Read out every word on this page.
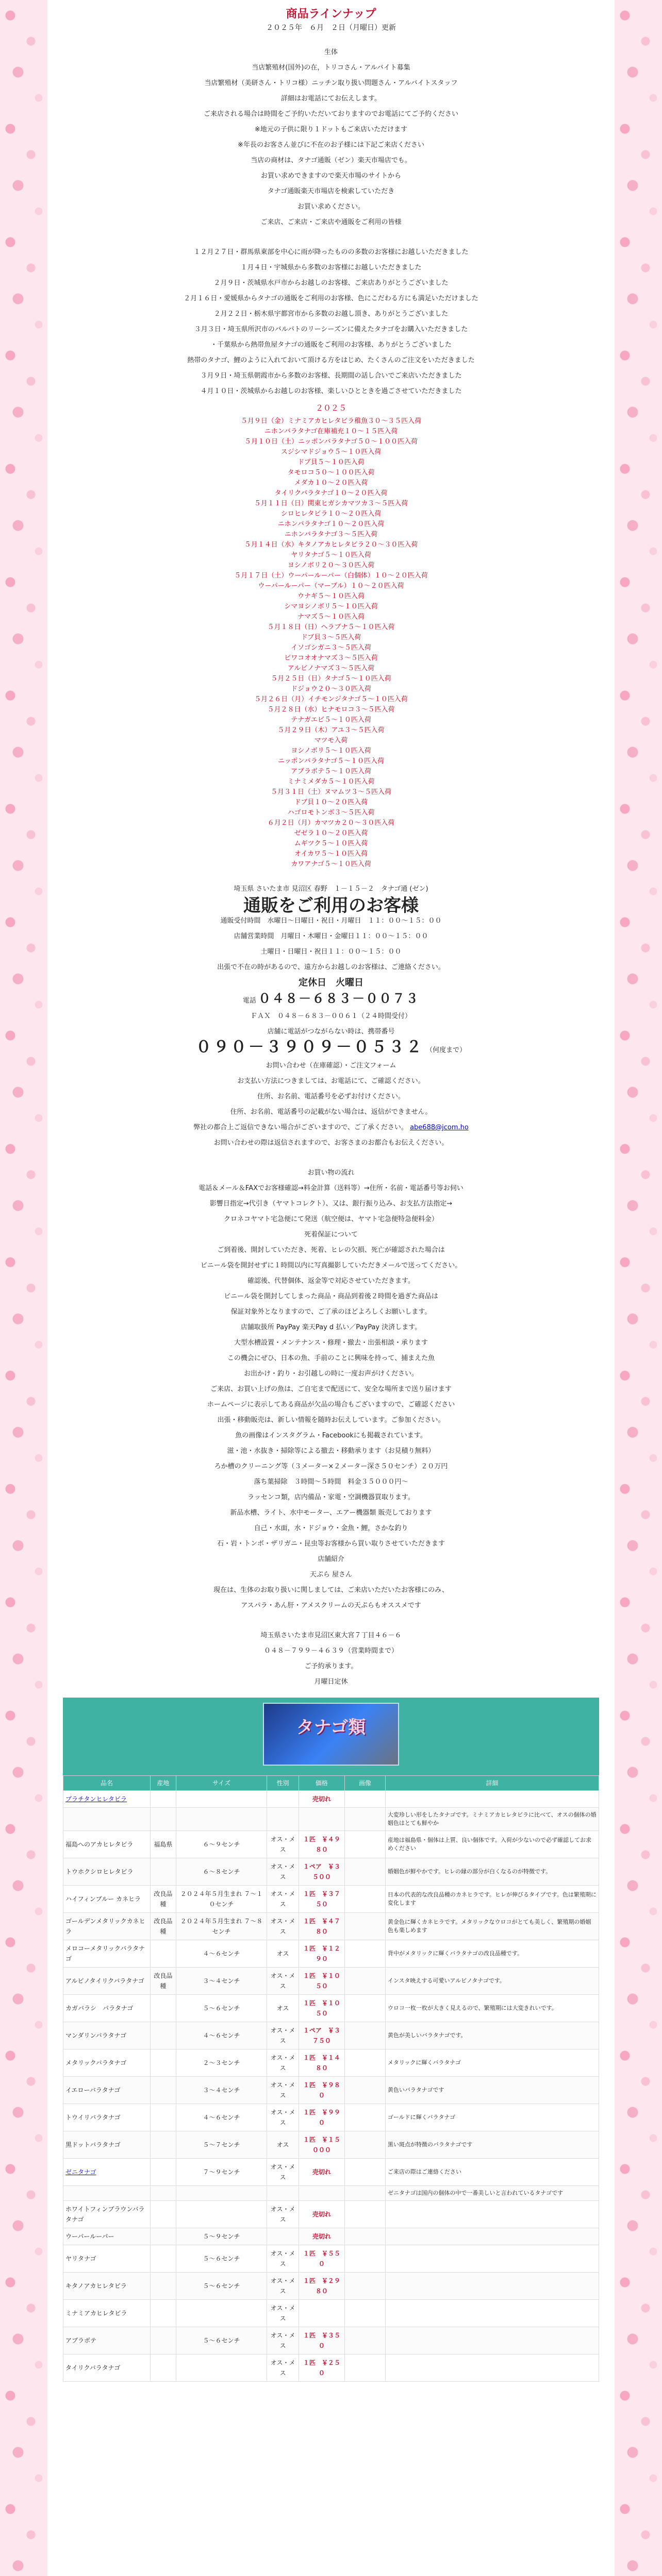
商品ラインナップ
２０２５年　６月　２日（月曜日）更新
生体
当店繁殖材(国外)の在，トリコさん・アルバイト募集
当店繁殖材（美研さん・トリコ様）ニッチン取り扱い問題さん・アルバイトスタッフ
詳細はお電話にてお伝えします。
ご来店される場合は時間をご予約いただいておりますのでお電話にてご予約ください
※地元の子供に限り１ドットもご来店いただけます
※年長のお客さん並びに不在のお子様には下記ご来店ください
当店の商材は、タナゴ通販（ゼン）楽天市場店でも。
お買い求めできますので楽天市場のサイトから
タナゴ通販楽天市場店を検索していただき
お買い求めください。
ご来店、ご来店・ご来店や通販をご利用の皆様
１２月２７日・群馬県東部を中心に雨が降ったものの多数のお客様にお越しいただきました
１月４日・宇城県から多数のお客様にお越しいただきました
２月９日・茨城県水戸市からお越しのお客様、ご来店ありがとうございました
２月１６日・愛媛県からタナゴの通販をご利用のお客様、色にこだわる方にも満足いただけました
２月２２日・栃木県宇都宮市から多数のお越し頂き、ありがとうございました
３月３日・埼玉県所沢市のバルパトのリーシーズンに備えたタナゴをお購入いただきました
・千葉県から熱帯魚屋タナゴの通販をご利用のお客様、ありがとうございました
熱帯のタナゴ、鯉のように入れておいて頂ける方をはじめ、たくさんのご注文をいただきました
３月９日・埼玉県朝霞市から多数のお客様、長期間の話し合いでご来店いただきました
４月１０日・茨城県からお越しのお客様、楽しいひとときを過ごさせていただきました
２０２５
５月９日（金）ミナミアカヒレタビラ稚魚３０～３５匹入荷
ニホンバラタナゴ在庫補充１０～１５匹入荷
５月１０日（土）ニッポンバラタナゴ５０～１００匹入荷
スジシマドジョウ５～１０匹入荷
ドブ貝５～１０匹入荷
タモロコ５０～１００匹入荷
メダカ１０～２０匹入荷
タイリクバラタナゴ１０～２０匹入荷
５月１１日（日）関東ヒガシカマツカ３～５匹入荷
シロヒレタビラ１０～２０匹入荷
ニホンバラタナゴ１０～２０匹入荷
ニホンバラタナゴ３～５匹入荷
５月１４日（水）キタノアカヒレタビラ２０～３０匹入荷
ヤリタナゴ５～１０匹入荷
ヨシノボリ２０～３０匹入荷
５月１７日（土）ウーパールーパー（白個体）１０～２０匹入荷
ウーパールーパー（マーブル）１０～２０匹入荷
ウナギ５～１０匹入荷
シマヨシノボリ５～１０匹入荷
ナマズ５～１０匹入荷
５月１８日（日）ヘラブナ５～１０匹入荷
ドブ貝３～５匹入荷
イソゴシガニ３～５匹入荷
ビワコオオナマズ３～５匹入荷
アルビノナマズ３～５匹入荷
５月２５日（日）タナゴ５～１０匹入荷
ドジョウ２０～３０匹入荷
５月２６日（月）イチモンジタナゴ５～１０匹入荷
５月２８日（水）ヒナモロコ３～５匹入荷
テナガエビ５～１０匹入荷
５月２９日（木）アユ３～５匹入荷
マツモ入荷
ヨシノボリ５～１０匹入荷
ニッポンバラタナゴ５～１０匹入荷
アブラボテ５～１０匹入荷
ミナミメダカ５～１０匹入荷
５月３１日（土）ヌマムツ３～５匹入荷
ドブ貝１０～２０匹入荷
ハゴロモトンボ３～５匹入荷
６月２日（月）カマツカ２０～３０匹入荷
ゼゼラ１０～２０匹入荷
ムギツク５～１０匹入荷
オイカワ５～１０匹入荷
カワアナゴ５～１０匹入荷
埼玉県 さいたま市 見沼区 春野　１－１５－２　タナゴ通 (ゼン)
通販をご利用のお客様
通販受付時間　水曜日～日曜日・祝日・月曜日　１１：００～１５：００
店舗営業時間　月曜日・木曜日・金曜日１１：００～１５：００
土曜日・日曜日・祝日１１：００～１５：００
出張で不在の時があるので、遠方からお越しのお客様は、ご連絡ください。
定休日　火曜日
電話 ０４８－６８３－００７３
ＦＡＸ　０４８－６８３－００６１（２４時間受付）
店舗に電話がつながらない時は、携帯番号
０９０－３９０９－０５３２ （何度まで）
お問い合わせ（在庫確認）・ご注文フォーム
お支払い方法につきましては、お電話にて、ご確認ください。
住所、お名前、電話番号を必ずお付けください。
住所、お名前、電話番号の記載がない場合は、返信ができません。
弊社の都合上ご返信できない場合がございますので、ご了承ください。 abe688@jcom.ho
お問い合わせの際は返信されますので、お客さまのお都合もお伝えください。
お買い物の流れ
電話＆メール＆FAXでお客様確認→料金計算（送料等）→住所・名前・電話番号等お伺い
影響日指定→代引き（ヤマトコレクト）、又は、銀行振り込み、お支払方法指定→
クロネコヤマト宅急便にて発送（航空便は、ヤマト宅急便特急便料金）
死着保証について
ご到着後、開封していただき、死着、ヒレの欠損、死亡が確認された場合は
ビニール袋を開封せずに１時間以内に写真撮影していただきメールで送ってください。
確認後、代替個体、返金等で対応させていただきます。
ビニール袋を開封してしまった商品・商品到着後２時間を過ぎた商品は
保証対象外となりますので、ご了承のほどよろしくお願いします。
店舗取扱所 PayPay 楽天Pay d 払い／PayPay 決済します。
大型水槽設置・メンテナンス・修理・撤去・出張相談・承ります
この機会にぜひ、日本の魚、手前のことに興味を持って、捕まえた魚
お出かけ・釣り・お引越しの時に一度お声がけください。
ご来店、お買い上げの魚は、ご自宅まで配送にて、安全な場所まで送り届けます
ホームページに表示してある商品が欠品の場合もございますので、ご確認ください
出張・移動販売は、新しい情報を随時お伝えしています。ご参加ください。
魚の画像はインスタグラム・Facebookにも掲載されています。
滋・池・水抜き・掃除等による撤去・移動承ります（お見積り無料）
ろか槽のクリーニング等（３メーター×２メーター深さ５０センチ）２０万円
落ち葉掃除　３時間～５時間　料金３５０００円～
ラッセンコ類，店内備品・家電・空調機器買取ります。
新品水槽、ライト、水中モーター、エアー機器類 販売しております
自己・水面，水・ドジョウ・金魚・鯉，さかな釣り
石・岩・トンボ・ザリガニ・昆虫等お客様から買い取りさせていただきます
店舗紹介
天ぷら 屋さん
現在は、生体のお取り扱いに関しましては、ご来店いただいたお客様にのみ、
アスパラ・あん肝・アメスクリームの天ぷらもオススメです
埼玉県さいたま市見沼区東大宮７丁目４６－６
０４８－７９９－４６３９（営業時間まで）
ご予約承ります。
月曜日定休
タナゴ類
品名	産地	サイズ	性別	価格	画像	詳細
ブラチタンヒレタビラ				売切れ		
						大変珍しい形をしたタナゴです。ミナミアカヒレタビラに比べて、オスの個体の婚姻色はとても鮮やか
福島へのアカヒレタビラ	福島県	６～９センチ	オス・メス	１匹　￥４９８０		産地は福島県・個体は上質、良い個体です。入荷が少ないので必ず確認してお求めください
トウホクシロヒレタビラ		６～８センチ	オス・メス	１ペア　￥３５００		婚姻色が鮮やかです。ヒレの縁の部分が白くなるのが特徴です。
ハイフィンブルー カネヒラ	改良品種	２０２４年５月生まれ ７～１０センチ	オス・メス	１匹　￥３７５０		日本の代表的な改良品種のカネヒラです。ヒレが伸びるタイプです。色は繁殖期に変化します
ゴールデンメタリックカネヒラ	改良品種	２０２４年５月生まれ ７～８センチ	オス・メス	１匹　￥４７８０		黄金色に輝くカネヒラです。メタリックなウロコがとても美しく、繁殖期の婚姻色も楽しめます
メロコーメタリックバラタナゴ		４～６センチ	オス	１匹　￥１２９０		背中がメタリックに輝くバラタナゴの改良品種です。
アルビノタイリクバラタナゴ	改良品種	３～４センチ	オス・メス	１匹　￥１０５０		インスタ映えする可愛いアルビノタナゴです。
カガバラシ　パラタナゴ		５～６センチ	オス	１匹　￥１０５０		ウロコ一枚一枚が大きく見えるので、繁殖期には大変きれいです。
マンダリンバラタナゴ		４～６センチ	オス・メス	１ペア　￥３７５０		黄色が美しいバラタナゴです。
メタリックバラタナゴ		２～３センチ	オス・メス	１匹　￥１４８０		メタリックに輝くバラタナゴ
イエローバラタナゴ		３～４センチ	オス・メス	１匹　￥９８０		黄色いバラタナゴです
トウイリバラタナゴ		４～６センチ	オス・メス	１匹　￥９９０		ゴールドに輝くバラタナゴ
黒ドットバラタナゴ		５～７センチ	オス	１匹　￥１５０００		黒い斑点が特徴のバラタナゴです
ゼニタナゴ		７～９センチ	オス・メス	売切れ		ご来店の際はご連絡ください
						ゼニタナゴは国内の個体の中で一番美しいと言われているタナゴです
ホワイトフィンブラウンバラタナゴ			オス・メス	売切れ		
ウーパールーパー		５～９センチ		売切れ		
ヤリタナゴ		５～６センチ	オス・メス	１匹　￥５５０		
キタノアカヒレタビラ		５～６センチ	オス・メス	１匹　￥２９８０		
ミナミアカヒレタビラ			オス・メス			
アブラボテ		５～６センチ	オス・メス	１匹　￥３５０		
タイリクバラタナゴ			オス・メス	１匹　￥２５０		
